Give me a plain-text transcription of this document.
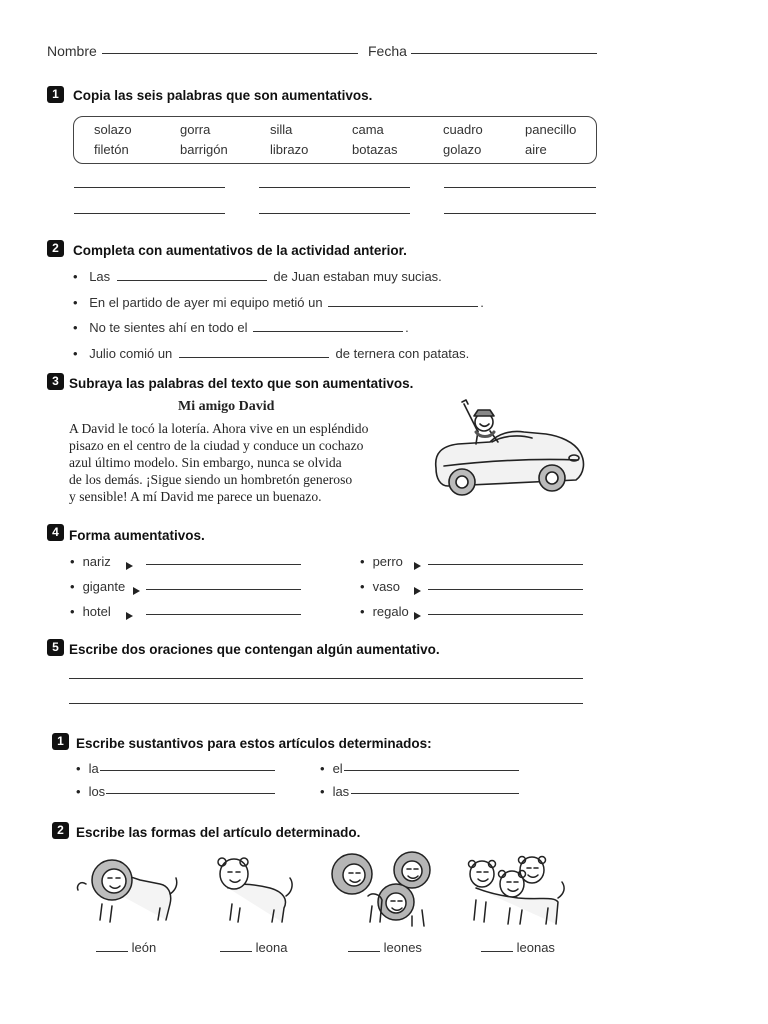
Nombre	Fecha
1	Copia las seis palabras que son aumentativos.
solazo	gorra	silla	cama	cuadro	panecillo
filetón	barrigón	librazo	botazas	golazo	aire
2	Completa con aumentativos de la actividad anterior.
• Las	de Juan estaban muy sucias.
• En el partido de ayer mi equipo metió un	.
• No te sientes ahí en todo el	.
• Julio comió un	de ternera con patatas.
3 Subraya las palabras del texto que son aumentativos.
Mi amigo David
A David le tocó la lotería. Ahora vive en un espléndido
pisazo en el centro de la ciudad y conduce un cochazo
azul último modelo. Sin embargo, nunca se olvida
de los demás. ¡Sigue siendo un hombretón generoso
y sensible! A mí David me parece un buenazo.
4 Forma aumentativos.
• nariz
• gigante
• hotel
• perro
• vaso
• regalo
5 Escribe dos oraciones que contengan algún aumentativo.
1 Escribe sustantivos para estos artículos determinados:
• la
• los
• el
• las
2 Escribe las formas del artículo determinado.
león	leona	leones	leonas
